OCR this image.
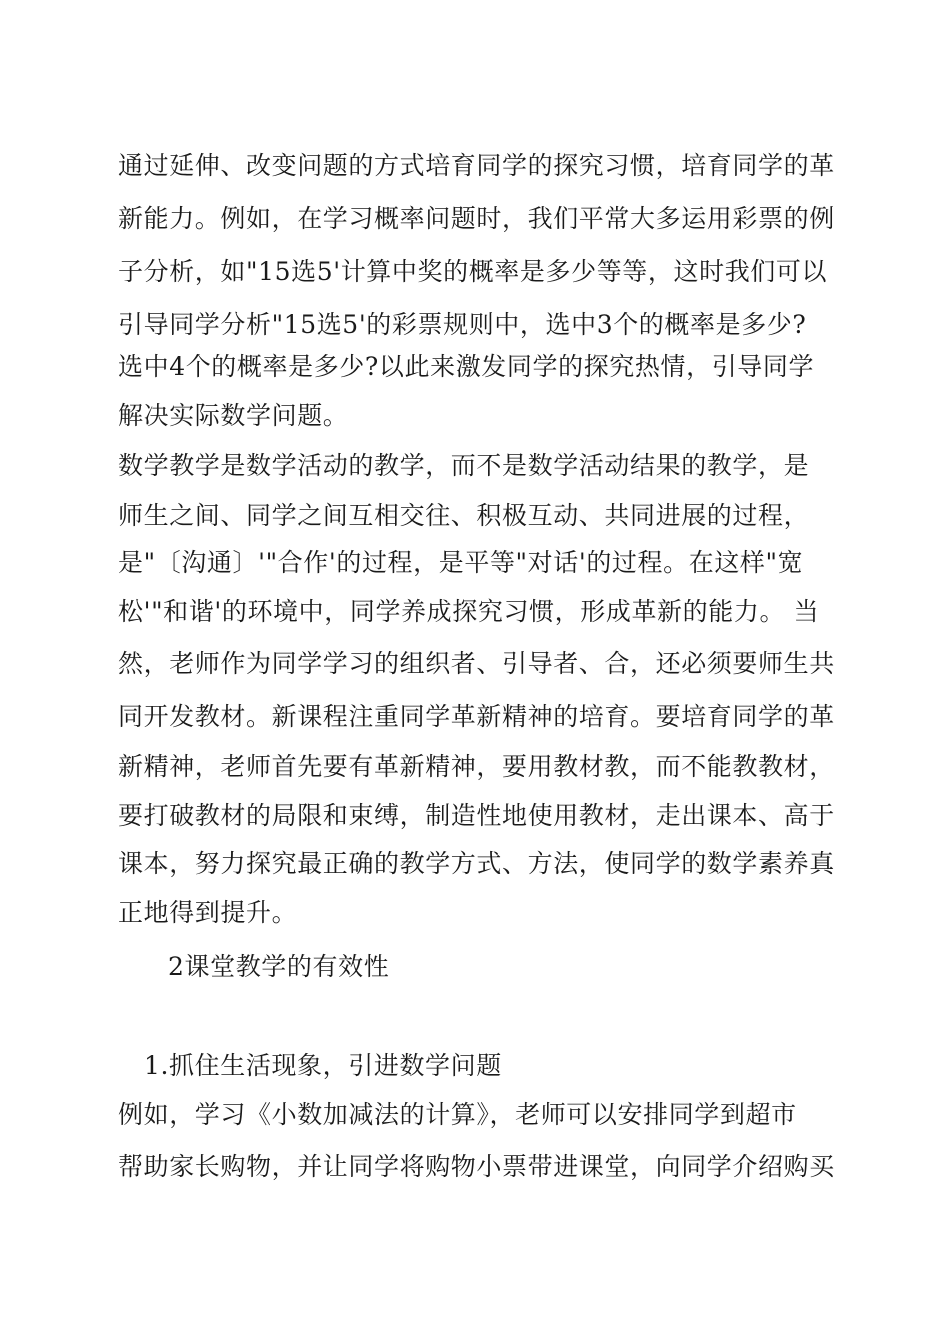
通过延伸、改变问题的方式培育同学的探究习惯，培育同学的革
新能力。例如，在学习概率问题时，我们平常大多运用彩票的例
子分析，如"15选5'计算中奖的概率是多少等等，这时我们可以
引导同学分析"15选5'的彩票规则中，选中3个的概率是多少?
选中4个的概率是多少?以此来激发同学的探究热情，引导同学
解决实际数学问题。
数学教学是数学活动的教学，而不是数学活动结果的教学，是
师生之间、同学之间互相交往、积极互动、共同进展的过程，
是"〔沟通〕'"合作'的过程，是平等"对话'的过程。在这样"宽
松'"和谐'的环境中，同学养成探究习惯，形成革新的能力。 当
然，老师作为同学学习的组织者、引导者、合，还必须要师生共
同开发教材。新课程注重同学革新精神的培育。要培育同学的革
新精神，老师首先要有革新精神，要用教材教，而不能教教材，
要打破教材的局限和束缚，制造性地使用教材，走出课本、高于
课本，努力探究最正确的教学方式、方法，使同学的数学素养真
正地得到提升。
2课堂教学的有效性
1.抓住生活现象，引进数学问题
例如，学习《小数加减法的计算》，老师可以安排同学到超市
帮助家长购物，并让同学将购物小票带进课堂，向同学介绍购买
